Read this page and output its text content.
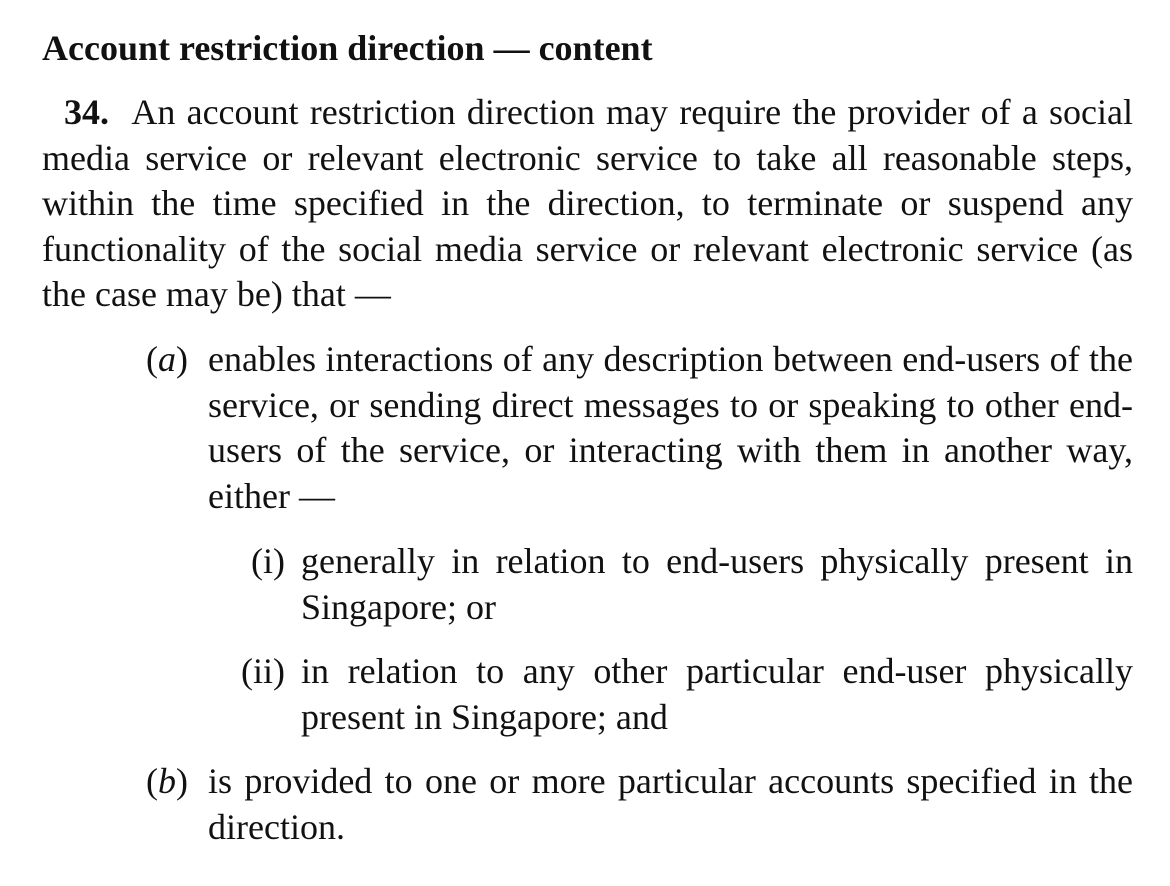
Account restriction direction — content
34. An account restriction direction may require the provider of a social media service or relevant electronic service to take all reasonable steps, within the time specified in the direction, to terminate or suspend any functionality of the social media service or relevant electronic service (as the case may be) that —
(a) enables interactions of any description between end-users of the service, or sending direct messages to or speaking to other end-users of the service, or interacting with them in another way, either —
(i) generally in relation to end-users physically present in Singapore; or
(ii) in relation to any other particular end-user physically present in Singapore; and
(b) is provided to one or more particular accounts specified in the direction.
